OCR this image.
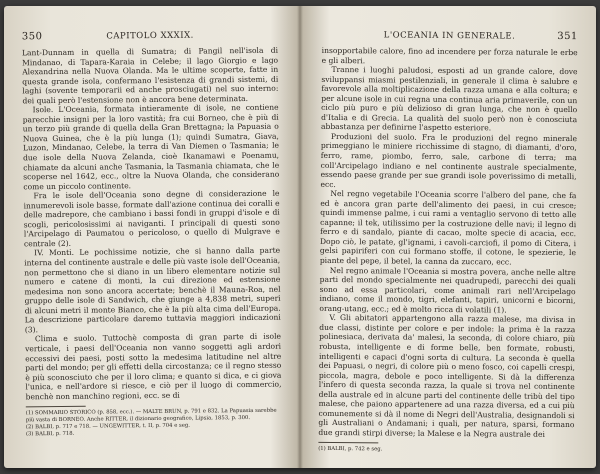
350	CAPITOLO XXXIX.

Lant-Dunnam in quella di Sumatra; di Pangil nell'isola di Mindanao, di Tapara-Karaia in Celebe; il lago Giorgio e lago Alexandrina nella Nuova Olanda. Ma le ultime scoperte, fatte in questa grande isola, confermano l'esistenza di grandi sistemi, di laghi (sovente temporarii ed anche prosciugati) nel suo interno: dei quali però l'estensione non è ancora bene determinata.

Isole. L'Oceania, formata intieramente di isole, ne contiene parecchie insigni per la loro vastità; fra cui Borneo, che è più di un terzo più grande di quella della Gran Brettagna; la Papuasia o Nuova Guinea, che è la più lunga (1); quindi Sumatra, Giava, Luzon, Mindanao, Celebe, la terra di Van Diemen o Tasmania; le due isole della Nuova Zelanda, cioè Ikanamawi e Poenamu, chiamate da alcuni anche Tasmania, la Tasmania chiamata, che le scoperse nel 1642, ecc., oltre la Nuova Olanda, che considerano come un piccolo continente.

Fra le isole dell'Oceania sono degne di considerazione le innumerevoli isole basse, formate dall'azione continua dei coralli e delle madrepore, che cambiano i bassi fondi in gruppi d'isole e di scogli, pericolosissimi ai naviganti. I principali di questi sono l'Arcipelago di Paumatou o pericoloso, o quello di Mulgrave e centrale (2).

IV. Monti. Le pochissime notizie, che si hanno dalla parte interna del continente australe e delle più vaste isole dell'Oceania, non permettono che si diano in un libero elementare notizie sul numero e catene di monti, la cui direzione ed estensione medesima non sono ancora accertate; benchè il Mauna-Roa, nel gruppo delle isole di Sandwich, che giunge a 4,838 metri, superi di alcuni metri il monte Bianco, che è la più alta cima dell'Europa. La descrizione particolare daremo tuttavia maggiori indicazioni (3).

Clima e suolo. Tuttochè composta di gran parte di isole verticale, i paesi dell'Oceania non vanno soggetti agli ardori eccessivi dei paesi, posti sotto la medesima latitudine nel altre parti del mondo; per gli effetti della circostanza; ce il regno stesso è più sconosciuto che per il loro clima; e quanto si dica, e ci giova l'unica, e nell'ardore si riesce, e ciò per il luogo di commercio, benchè non manchino regioni, ecc. se di

(1) SOMMARIO STORICO (p. 858, ecc.). — MALTE BRUN, p. 791 e 832. La Papuasia sarebbe più vasta di BORNEO. Anche RITTER, il dizionario geografico, Lipsia, 1853, p. 300.

(2) BALBI, p. 717 e 718. — UNGEWITTER, t. II, p. 704 e seg.

(3) BALBI, p. 718.

L'OCEANIA IN GENERALE.	351

insopportabile calore, fino ad incendere per forza naturale le erbe e gli alberi.

Tranne i luoghi paludosi, esposti ad un grande calore, dove sviluppansi miasmi pestilenziali, in generale il clima è salubre e favorevole alla moltiplicazione della razza umana e alla coltura; e per alcune isole in cui regna una continua aria primaverile, con un ciclo più puro e più delizioso di gran lunga, che non è quello d'Italia e di Grecia. La qualità del suolo però non è conosciuta abbastanza per definirne l'aspetto esteriore.

Produzioni del suolo. Fra le produzioni del regno minerale primeggiano le miniere ricchissime di stagno, di diamanti, d'oro, ferro, rame, piombo, ferro, sale, carbone di terra; ma coll'Arcipelago indiano e nel continente australe specialmente, essendo paese grande per sue grandi isole poverissimo di metalli, ecc.

Nel regno vegetabile l'Oceania scorre l'albero del pane, che fa ed è ancora gran parte dell'alimento dei paesi, in cui cresce; quindi immense palme, i cui rami a ventaglio servono di tetto alle capanne; il tek, utilissimo per la costruzione delle navi; il legno di ferro e di sandalo, piante di cacao, molte specie di acacia, ecc. Dopo ciò, le patate, gl'ignami, i cavoli-carciofi, il pomo di Citera, i gelsi papiriferi con cui formano stoffe, il cotone, le spezierie, le piante del pepe, il betel, la canna da zuccaro, ecc.

Nel regno animale l'Oceania si mostra povera, anche nelle altre parti del mondo specialmente nei quadrupedi, parecchi dei quali sono ad essa particolari, come animali rari nell'Arcipelago indiano, come il mondo, tigri, elefanti, tapiri, unicorni e bicorni, orang-utang, ecc.; ed è molto ricca di volatili (1).

V. Gli abitatori appartengono alla razza malese, ma divisa in due classi, distinte per colore e per indole: la prima è la razza polinesiaca, derivata da' malesi, la seconda, di colore chiaro, più robusta, intelligente e di forme belle, ben formate, robusti, intelligenti e capaci d'ogni sorta di cultura. La seconda è quella dei Papuasi, o negri, di colore più o meno fosco, coi capelli crespi, piccola, magra, debole e poco intelligente. Si dà la differenza l'infero di questa seconda razza, la quale si trova nel continente della australe ed in alcune parti del continente delle tribù del tipo malese, che paiono appartenere ad una razza diversa, ed a cui più comunemente si dà il nome di Negri dell'Australia, designandoli si gli Australiani o Andamani; i quali, per natura, sparsi, formano due grandi stirpi diverse; la Malese e la Negra australe dei

(1) BALBI, p. 742 e seg.
